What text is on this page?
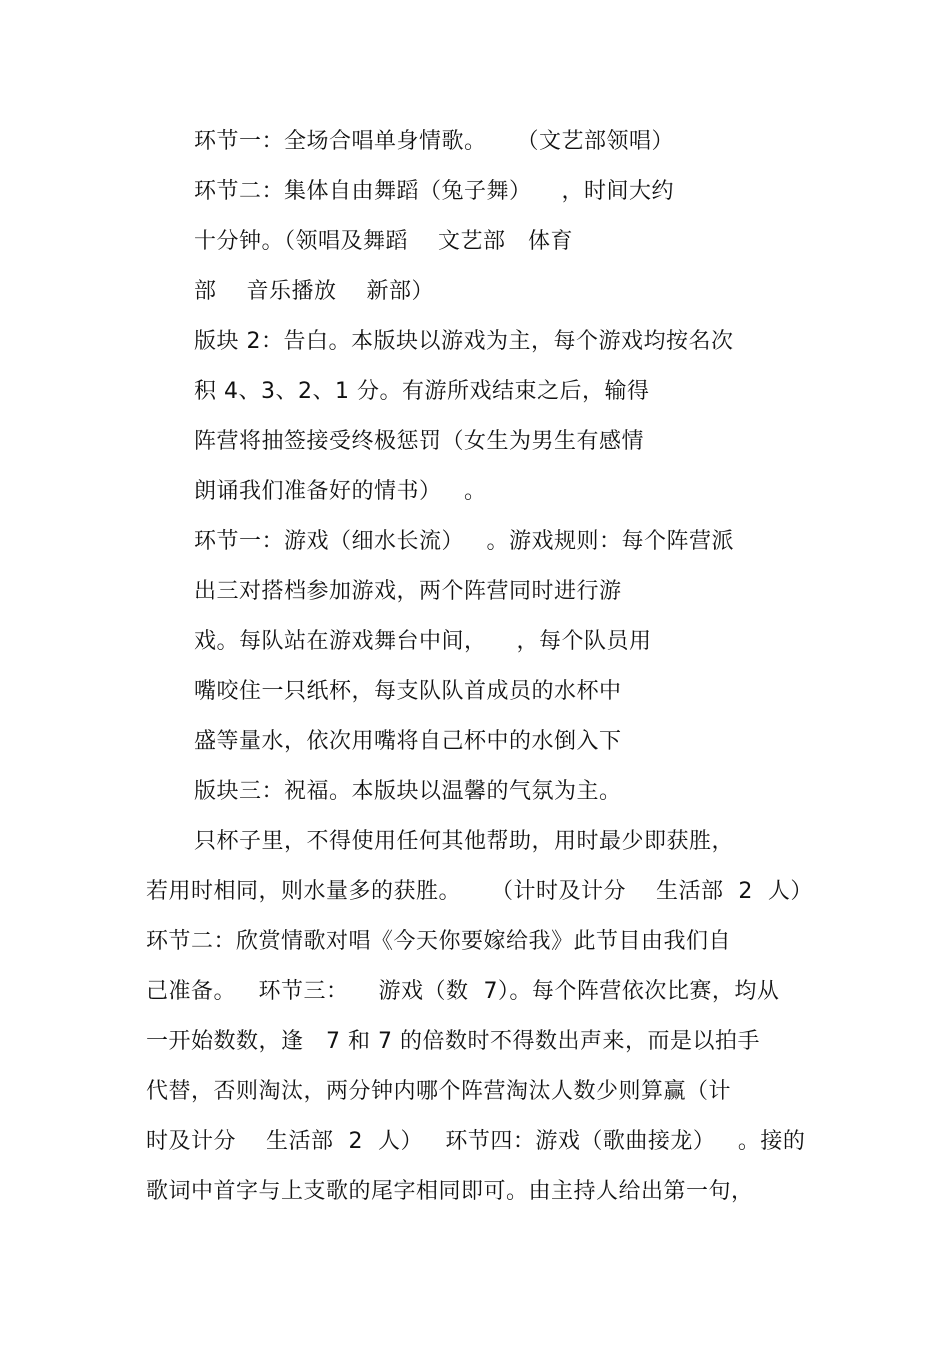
环节一：全场合唱单身情歌。    （文艺部领唱）
环节二：集体自由舞蹈（兔子舞）    ，时间大约
十分钟。（领唱及舞蹈    文艺部   体育
部    音乐播放    新部）
版块 2：告白。本版块以游戏为主，每个游戏均按名次
积 4、3、2、1 分。有游所戏结束之后，输得
阵营将抽签接受终极惩罚（女生为男生有感情
朗诵我们准备好的情书）   。
环节一：游戏（细水长流）   。游戏规则：每个阵营派
出三对搭档参加游戏，两个阵营同时进行游
戏。每队站在游戏舞台中间，    ，每个队员用
嘴咬住一只纸杯，每支队队首成员的水杯中
盛等量水，依次用嘴将自己杯中的水倒入下
版块三：祝福。本版块以温馨的气氛为主。
只杯子里，不得使用任何其他帮助，用时最少即获胜，
若用时相同，则水量多的获胜。    （计时及计分    生活部  2  人）
环节二：欣赏情歌对唱《今天你要嫁给我》此节目由我们自
己准备。   环节三：    游戏（数  7）。每个阵营依次比赛，均从
一开始数数，逢   7 和 7 的倍数时不得数出声来，而是以拍手
代替，否则淘汰，两分钟内哪个阵营淘汰人数少则算赢（计
时及计分    生活部  2  人）   环节四：游戏（歌曲接龙）   。接的
歌词中首字与上支歌的尾字相同即可。由主持人给出第一句，
